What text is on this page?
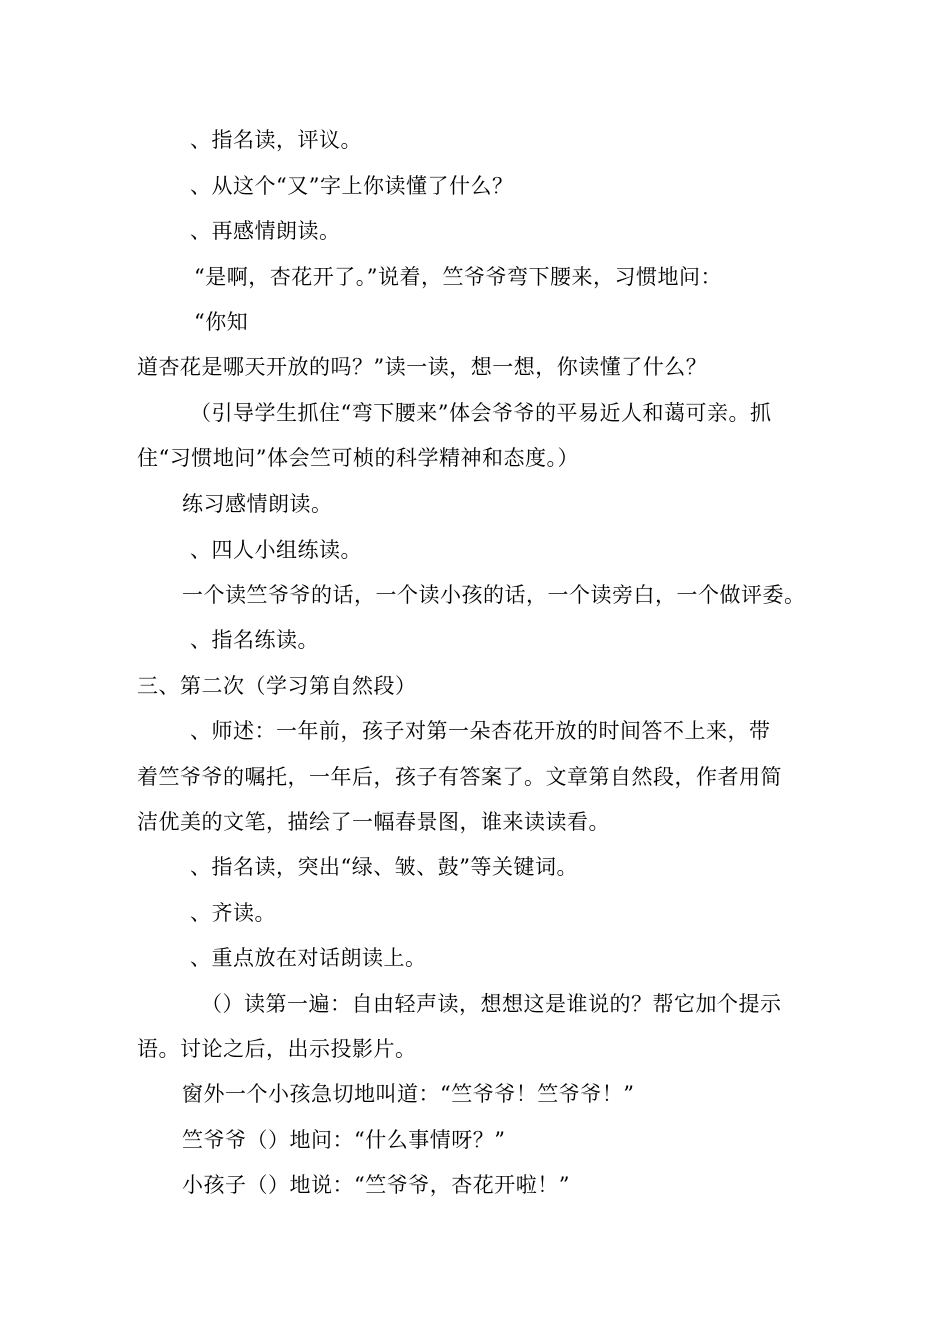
、指名读，评议。
、从这个“又”字上你读懂了什么？
、再感情朗读。
“是啊，杏花开了。”说着，竺爷爷弯下腰来，习惯地问：
“你知
道杏花是哪天开放的吗？”读一读，想一想，你读懂了什么？
（引导学生抓住“弯下腰来”体会爷爷的平易近人和蔼可亲。抓
住“习惯地问”体会竺可桢的科学精神和态度。）
练习感情朗读。
、四人小组练读。
一个读竺爷爷的话，一个读小孩的话，一个读旁白，一个做评委。
、指名练读。
三、第二次（学习第自然段）
、师述：一年前，孩子对第一朵杏花开放的时间答不上来，带
着竺爷爷的嘱托，一年后，孩子有答案了。文章第自然段，作者用简
洁优美的文笔，描绘了一幅春景图，谁来读读看。
、指名读，突出“绿、皱、鼓”等关键词。
、齐读。
、重点放在对话朗读上。
（）读第一遍：自由轻声读，想想这是谁说的？帮它加个提示
语。讨论之后，出示投影片。
窗外一个小孩急切地叫道：“竺爷爷！竺爷爷！”
竺爷爷（）地问：“什么事情呀？”
小孩子（）地说：“竺爷爷，杏花开啦！”
